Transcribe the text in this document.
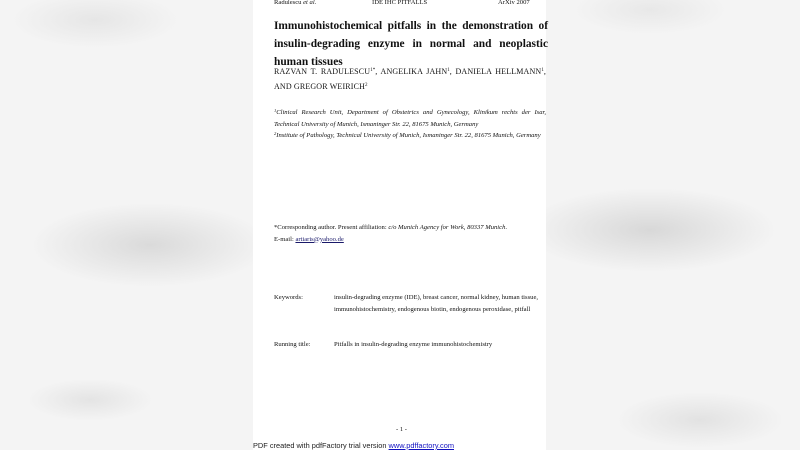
Radulescu et al.	IDE IHC PITFALLS	ArXiv 2007
Immunohistochemical pitfalls in the demonstration of insulin-degrading enzyme in normal and neoplastic human tissues
RAZVAN T. $RADULESCU^{1*}$, ANGELIKA JAHN$^1$, DANIELA HELLMANN$^1$, AND GREGOR WEIRICH$^2$
$^1$Clinical Research Unit, Department of Obstetrics and Gynecology, Klinikum rechts der Isar, Technical University of Munich, Ismaninger Str. 22, 81675 Munich, Germany
$^2$Institute of Pathology, Technical University of Munich, Ismaninger Str. 22, 81675 Munich, Germany
*Corresponding author. Present affiliation: c/o Munich Agency for Work, 80337 Munich.
E-mail: artiaris@yahoo.de
Keywords:	insulin-degrading enzyme (IDE), breast cancer, normal kidney, human tissue,
immunohistochemistry, endogenous biotin, endogenous peroxidase, pitfall
Running title:	Pitfalls in insulin-degrading enzyme immunohistochemistry
- 1 -
PDF created with pdfFactory trial version www.pdffactory.com
